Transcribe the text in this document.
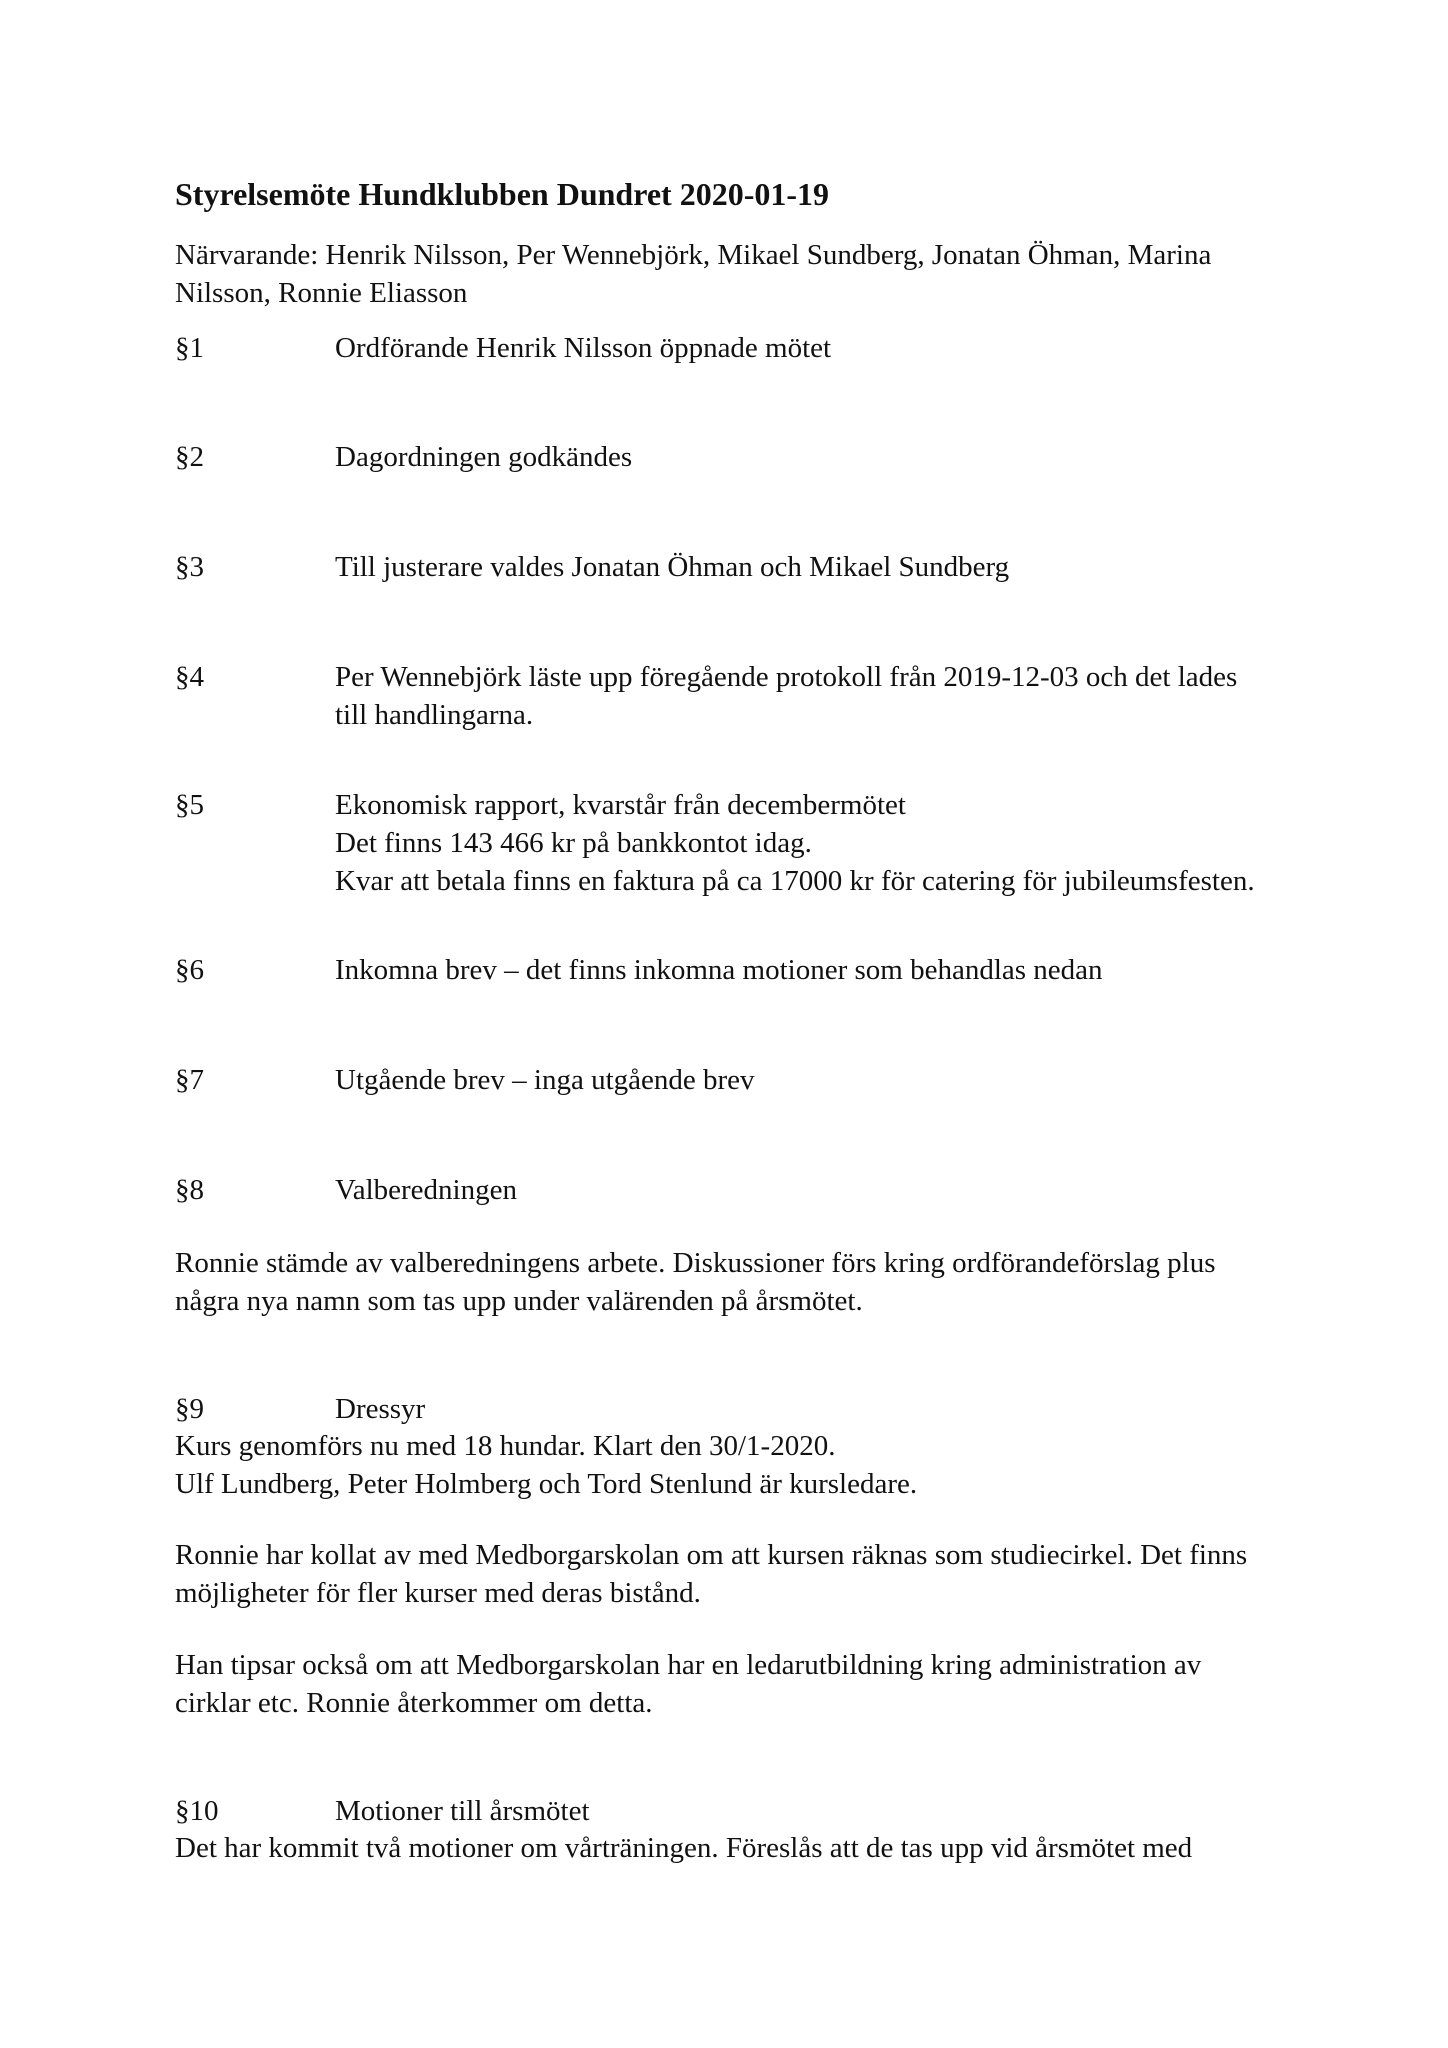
Styrelsemöte Hundklubben Dundret 2020-01-19
Närvarande: Henrik Nilsson, Per Wennebjörk, Mikael Sundberg, Jonatan Öhman, Marina
Nilsson, Ronnie Eliasson
§1	Ordförande Henrik Nilsson öppnade mötet
§2	Dagordningen godkändes
§3	Till justerare valdes Jonatan Öhman och Mikael Sundberg
§4	Per Wennebjörk läste upp föregående protokoll från 2019-12-03 och det lades
till handlingarna.
§5	Ekonomisk rapport, kvarstår från decembermötet
Det finns 143 466 kr på bankkontot idag.
Kvar att betala finns en faktura på ca 17000 kr för catering för jubileumsfesten.
§6	Inkomna brev – det finns inkomna motioner som behandlas nedan
§7	Utgående brev – inga utgående brev
§8	Valberedningen
Ronnie stämde av valberedningens arbete. Diskussioner förs kring ordförandeförslag plus
några nya namn som tas upp under valärenden på årsmötet.
§9	Dressyr
Kurs genomförs nu med 18 hundar. Klart den 30/1-2020.
Ulf Lundberg, Peter Holmberg och Tord Stenlund är kursledare.
Ronnie har kollat av med Medborgarskolan om att kursen räknas som studiecirkel. Det finns
möjligheter för fler kurser med deras bistånd.
Han tipsar också om att Medborgarskolan har en ledarutbildning kring administration av
cirklar etc. Ronnie återkommer om detta.
§10	Motioner till årsmötet
Det har kommit två motioner om vårträningen. Föreslås att de tas upp vid årsmötet med
